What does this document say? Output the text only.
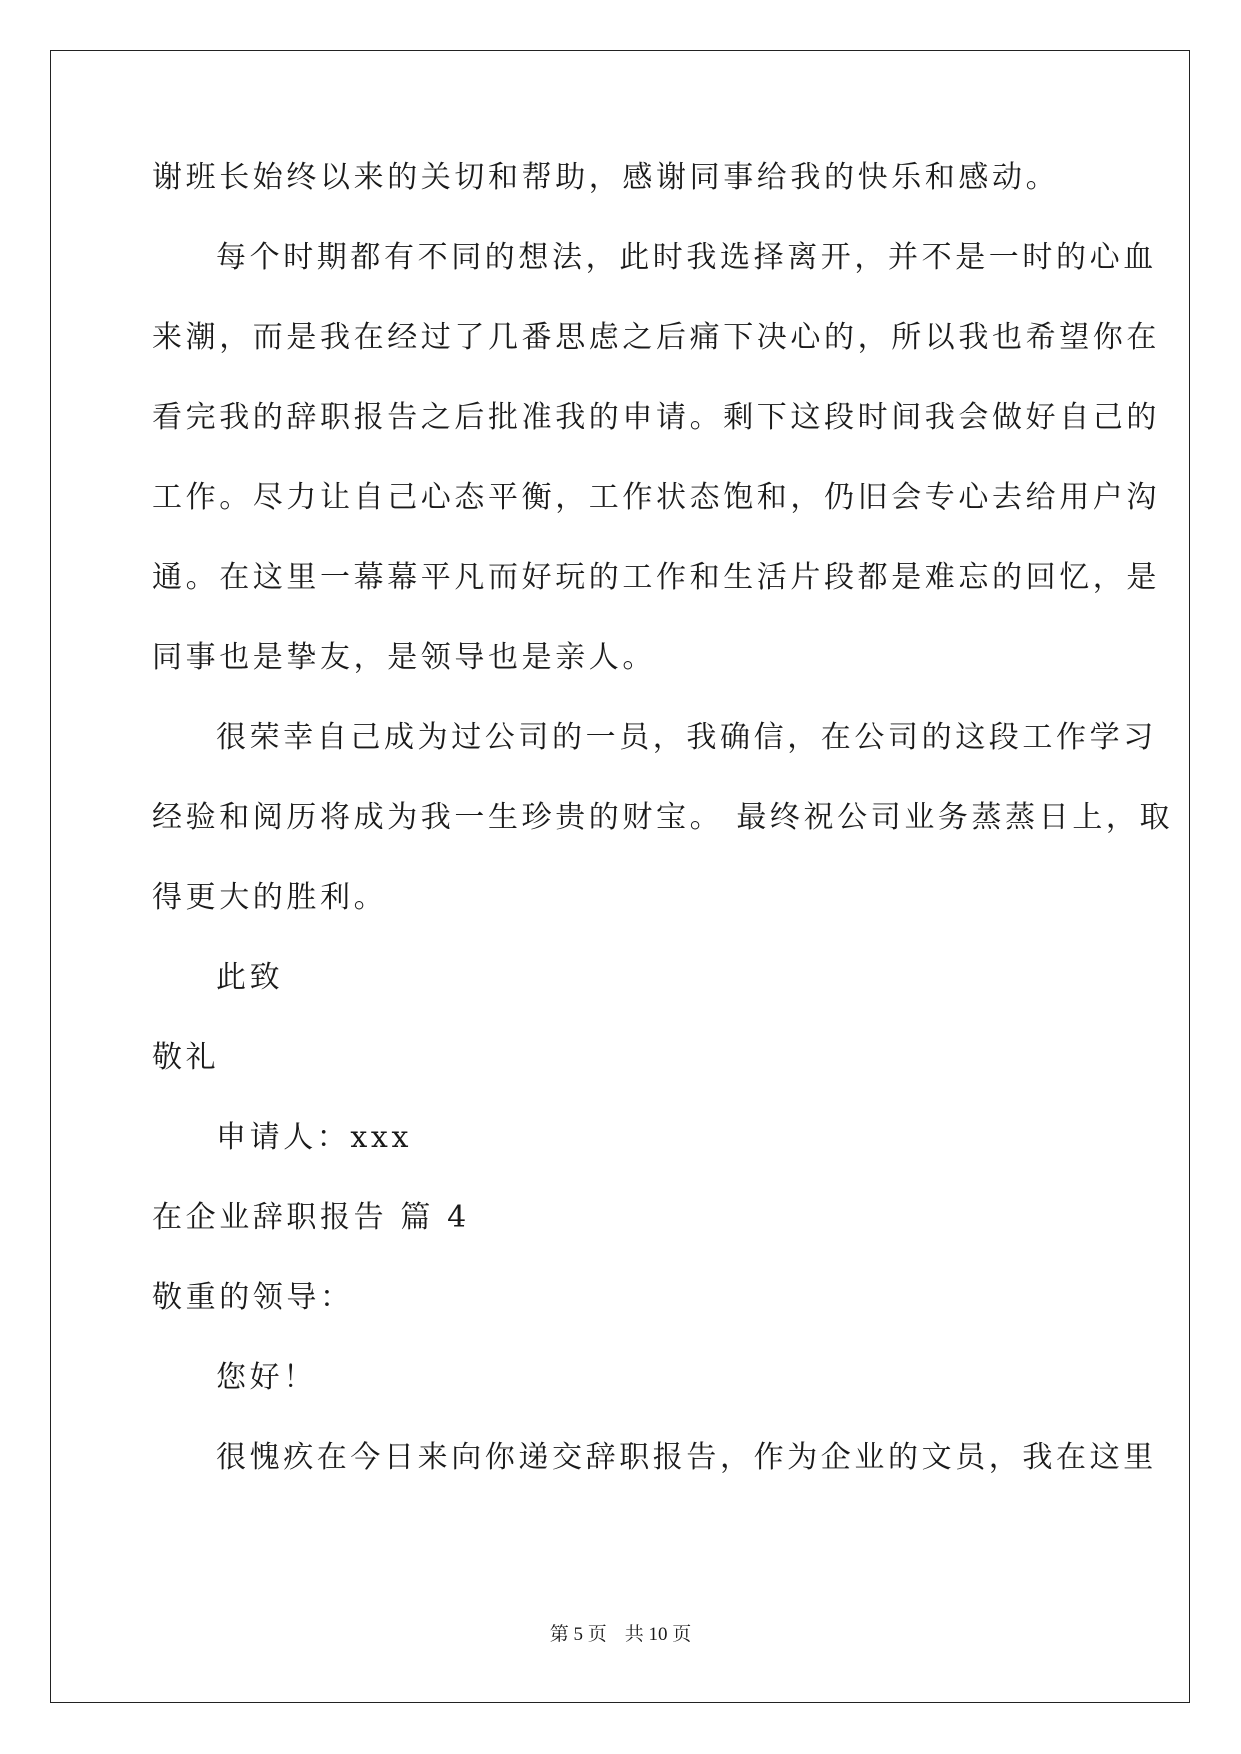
谢班长始终以来的关切和帮助，感谢同事给我的快乐和感动。
每个时期都有不同的想法，此时我选择离开，并不是一时的心血
来潮，而是我在经过了几番思虑之后痛下决心的，所以我也希望你在
看完我的辞职报告之后批准我的申请。剩下这段时间我会做好自己的
工作。尽力让自己心态平衡，工作状态饱和，仍旧会专心去给用户沟
通。在这里一幕幕平凡而好玩的工作和生活片段都是难忘的回忆，是
同事也是挚友，是领导也是亲人。
很荣幸自己成为过公司的一员，我确信，在公司的这段工作学习
经验和阅历将成为我一生珍贵的财宝。 最终祝公司业务蒸蒸日上，取
得更大的胜利。
此致
敬礼
申请人：xxx
在企业辞职报告 篇 4
敬重的领导：
您好！
很愧疚在今日来向你递交辞职报告，作为企业的文员，我在这里
第 5 页 共 10 页
